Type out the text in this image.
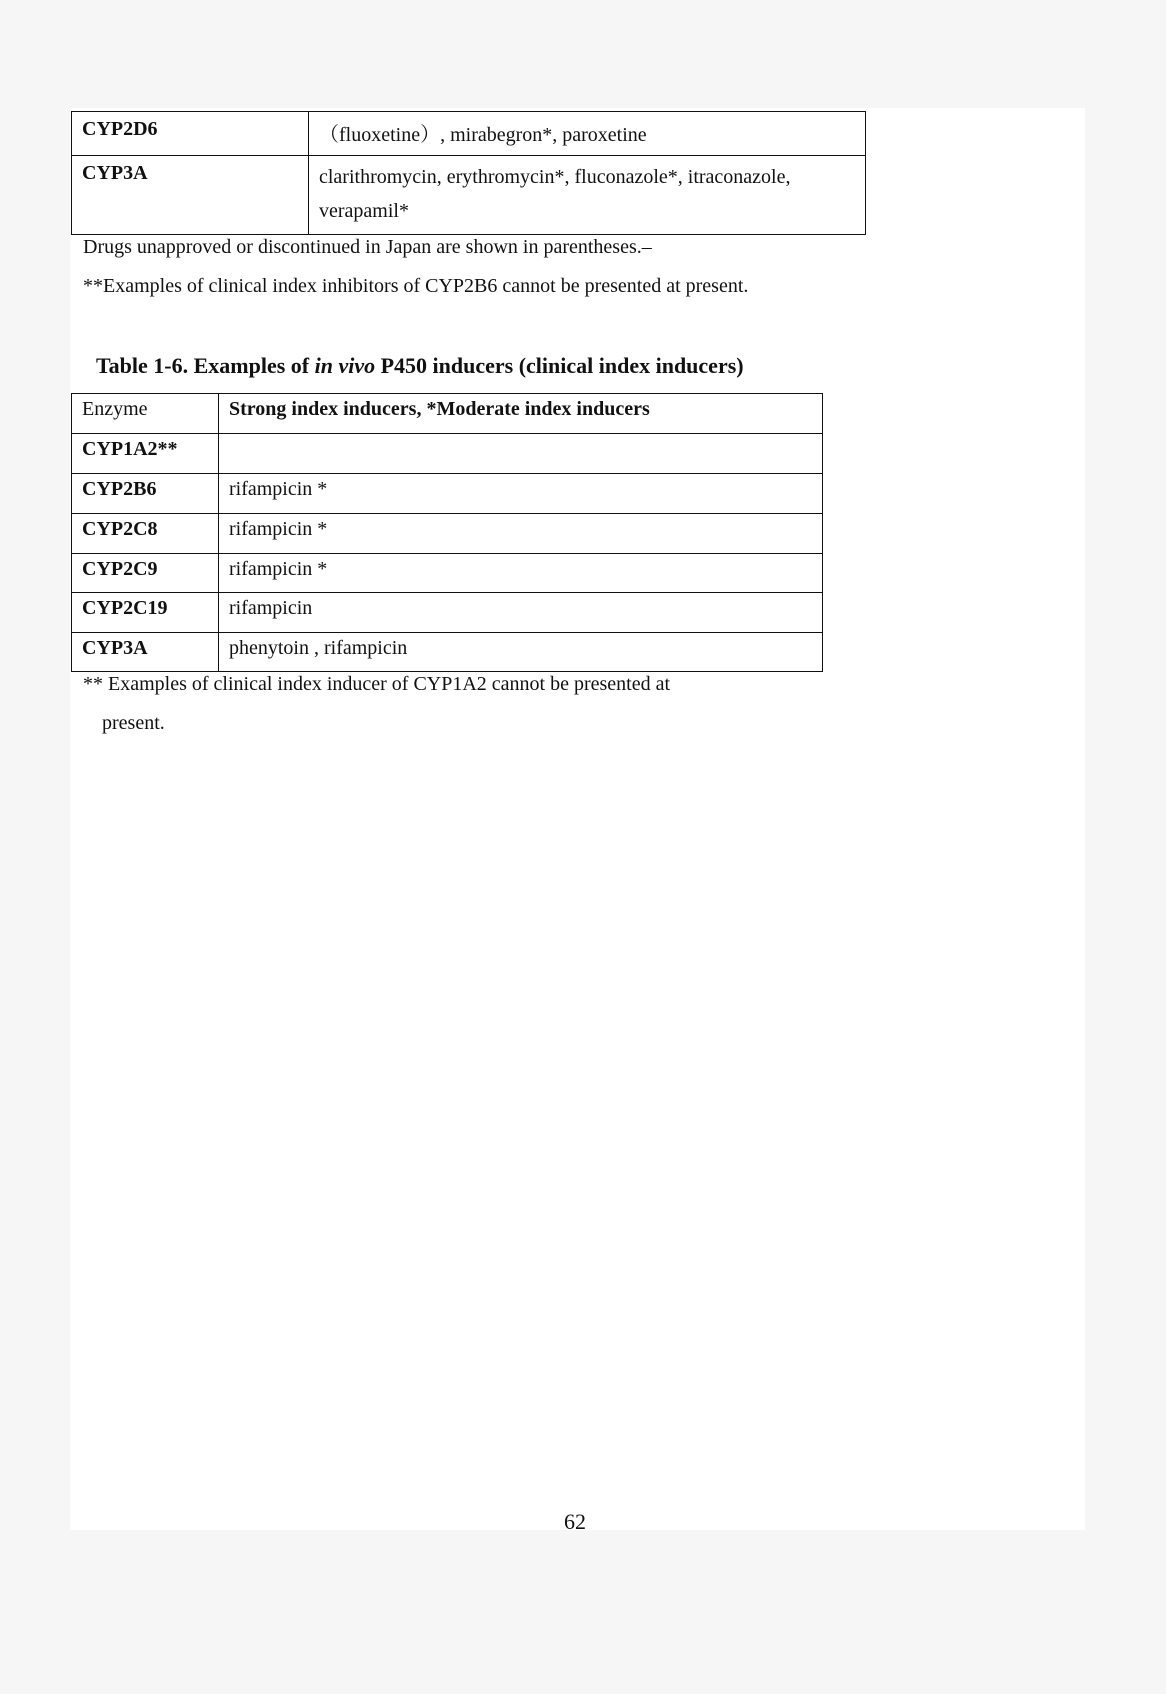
CYP2D6	（fluoxetine）, mirabegron*, paroxetine
CYP3A	clarithromycin, erythromycin*, fluconazole*, itraconazole,
verapamil*
Drugs unapproved or discontinued in Japan are shown in parentheses.–
**Examples of clinical index inhibitors of CYP2B6 cannot be presented at present.
Table 1-6. Examples of in vivo P450 inducers (clinical index inducers)
Enzyme	Strong index inducers, *Moderate index inducers
CYP1A2**	
CYP2B6	rifampicin *
CYP2C8	rifampicin *
CYP2C9	rifampicin *
CYP2C19	rifampicin
CYP3A	phenytoin , rifampicin
** Examples of clinical index inducer of CYP1A2 cannot be presented at
present.
62
